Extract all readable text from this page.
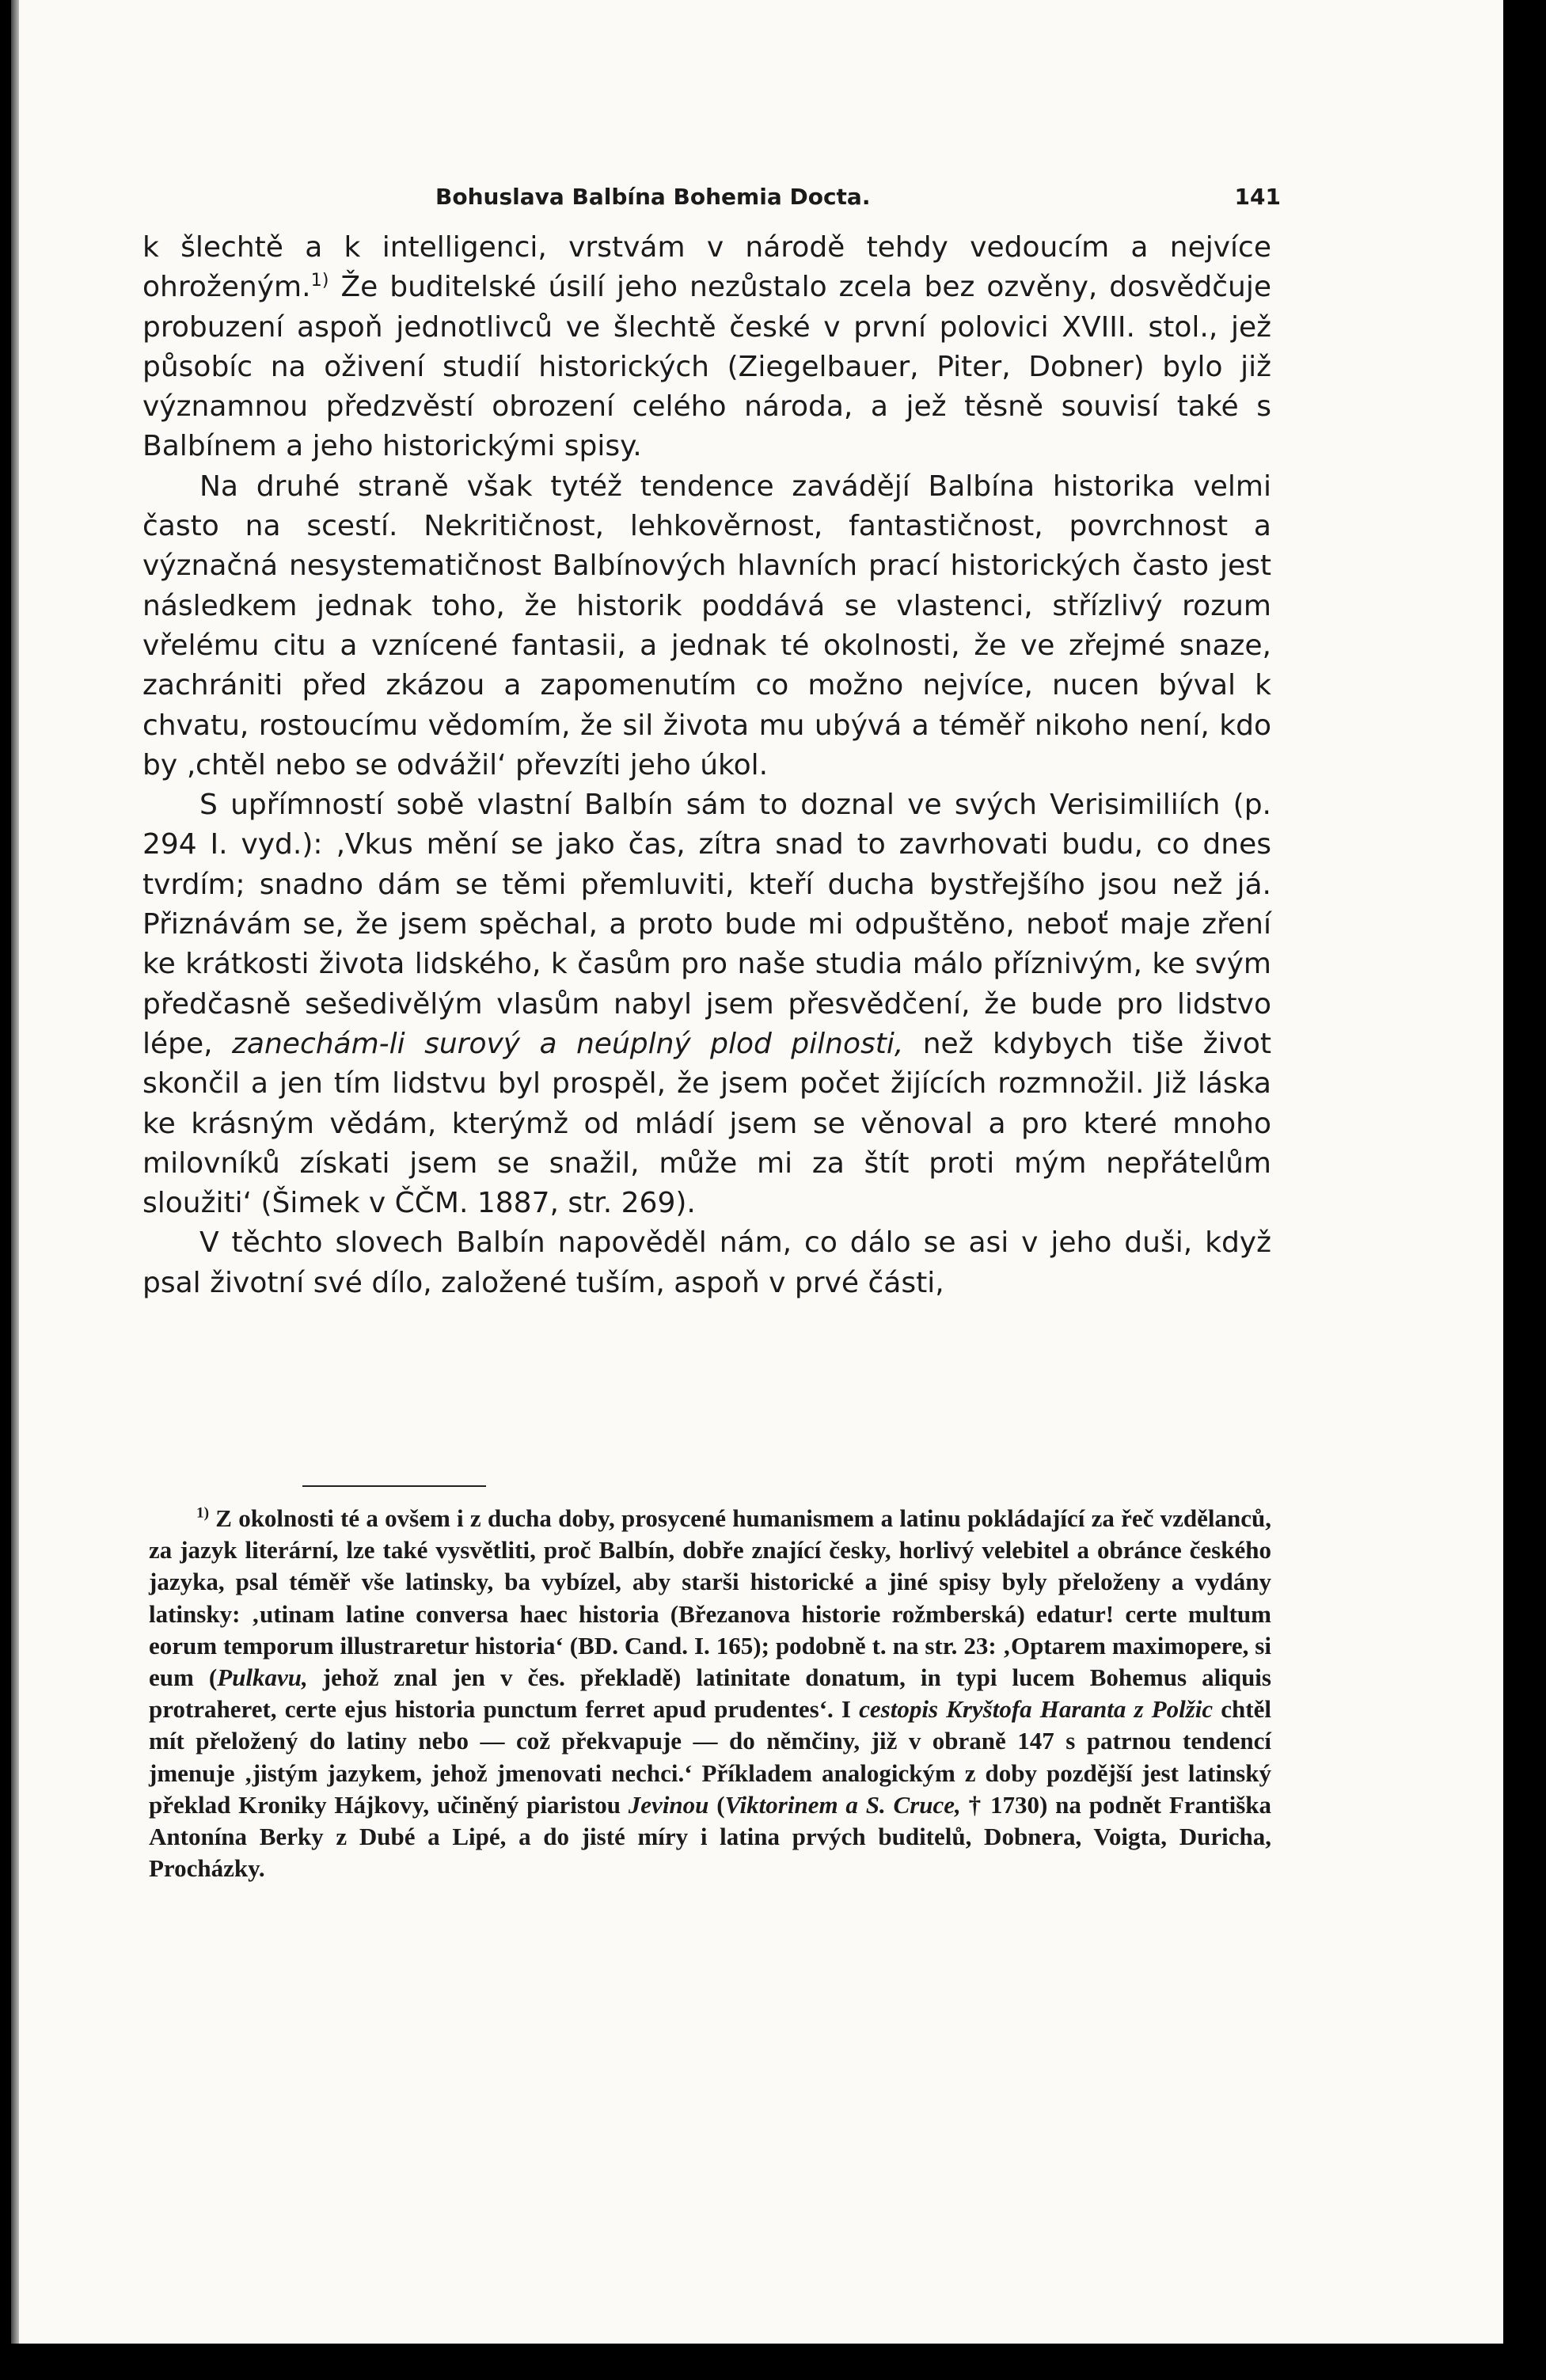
Bohuslava Balbína Bohemia Docta.	141

k šlechtě a k intelligenci, vrstvám v národě tehdy vedoucím a nejvíce ohroženým.$^{1)}$ Že buditelské úsilí jeho nezůstalo zcela bez ozvěny, dosvědčuje probuzení aspoň jednotlivců ve šlechtě české v první polovici XVIII. stol., jež působíc na oživení studií historických (Ziegelbauer, Piter, Dobner) bylo již významnou předzvěstí obrození celého národa, a jež těsně souvisí také s Balbínem a jeho historickými spisy.

Na druhé straně však tytéž tendence zavádějí Balbína historika velmi často na scestí. Nekritičnost, lehkověrnost, fantastičnost, povrchnost a význačná nesystematičnost Balbínových hlavních prací historických často jest následkem jednak toho, že historik poddává se vlastenci, střízlivý rozum vřelému citu a vznícené fantasii, a jednak té okolnosti, že ve zřejmé snaze, zachrániti před zkázou a zapomenutím co možno nejvíce, nucen býval k chvatu, rostoucímu vědomím, že sil života mu ubývá a téměř nikoho není, kdo by ‚chtěl nebo se odvážil‘ převzíti jeho úkol.

S upřímností sobě vlastní Balbín sám to doznal ve svých Verisimiliích (p. 294 I. vyd.): ‚Vkus mění se jako čas, zítra snad to zavrhovati budu, co dnes tvrdím; snadno dám se těmi přemluviti, kteří ducha bystřejšího jsou než já. Přiznávám se, že jsem spěchal, a proto bude mi odpuštěno, neboť maje zření ke krátkosti života lidského, k časům pro naše studia málo příznivým, ke svým předčasně sešedivělým vlasům nabyl jsem přesvědčení, že bude pro lidstvo lépe, zanechám-li surový a neúplný plod pilnosti, než kdybych tiše život skončil a jen tím lidstvu byl prospěl, že jsem počet žijících rozmnožil. Již láska ke krásným vědám, kterýmž od mládí jsem se věnoval a pro které mnoho milovníků získati jsem se snažil, může mi za štít proti mým nepřátelům sloužiti‘ (Šimek v ČČM. 1887, str. 269).

V těchto slovech Balbín napověděl nám, co dálo se asi v jeho duši, když psal životní své dílo, založené tuším, aspoň v prvé části,

$^{1)}$ Z okolnosti té a ovšem i z ducha doby, prosycené humanismem a latinu pokládající za řeč vzdělanců, za jazyk literární, lze také vysvětliti, proč Balbín, dobře znající česky, horlivý velebitel a obránce českého jazyka, psal téměř vše latinsky, ba vybízel, aby starši historické a jiné spisy byly přeloženy a vydány latinsky: ‚utinam latine conversa haec historia (Březanova historie rožmberská) edatur! certe multum eorum temporum illustraretur historia‘ (BD. Cand. I. 165); podobně t. na str. 23: ‚Optarem maximopere, si eum (Pulkavu, jehož znal jen v čes. překladě) latinitate donatum, in typi lucem Bohemus aliquis protraheret, certe ejus historia punctum ferret apud prudentes‘. I cestopis Kryštofa Haranta z Polžic chtěl mít přeložený do latiny nebo — což překvapuje — do němčiny, již v obraně 147 s patrnou tendencí jmenuje ‚jistým jazykem, jehož jmenovati nechci.‘ Příkladem analogickým z doby pozdější jest latinský překlad Kroniky Hájkovy, učiněný piaristou Jevinou (Viktorinem a S. Cruce, † 1730) na podnět Františka Antonína Berky z Dubé a Lipé, a do jisté míry i latina prvých buditelů, Dobnera, Voigta, Duricha, Procházky.
